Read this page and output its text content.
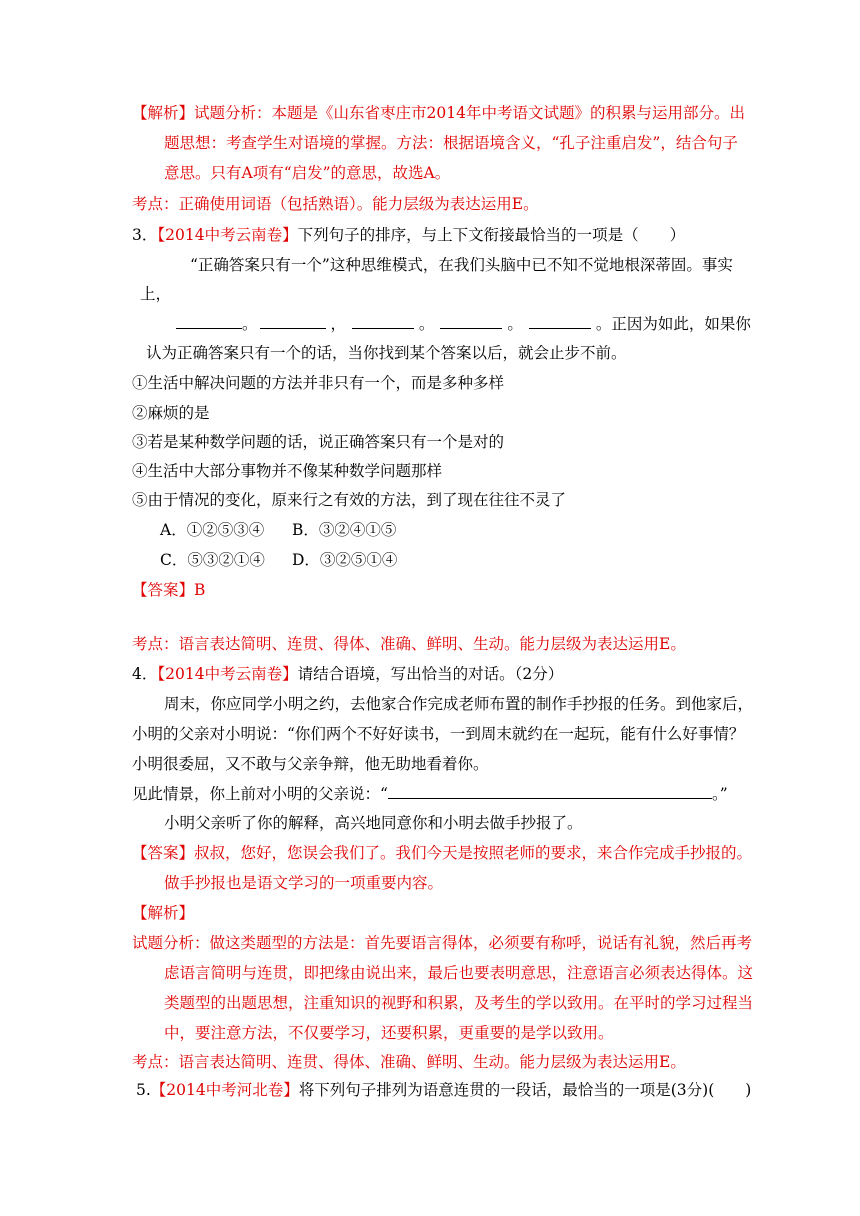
【解析】试题分析：本题是《山东省枣庄市2014年中考语文试题》的积累与运用部分。出
题思想：考查学生对语境的掌握。方法：根据语境含义，“孔子注重启发”，结合句子
意思。只有A项有“启发”的意思，故选A。
考点：正确使用词语（包括熟语）。能力层级为表达运用E。
3．【2014中考云南卷】下列句子的排序，与上下文衔接最恰当的一项是（　　）
“正确答案只有一个”这种思维模式，在我们头脑中已不知不觉地根深蒂固。事实
上，
。	，	。	。	。正因为如此，如果你
认为正确答案只有一个的话，当你找到某个答案以后，就会止步不前。
①生活中解决问题的方法并非只有一个，而是多种多样
②麻烦的是
③若是某种数学问题的话，说正确答案只有一个是对的
④生活中大部分事物并不像某种数学问题那样
⑤由于情况的变化，原来行之有效的方法，到了现在往往不灵了
A．①②⑤③④ B．③②④①⑤
C．⑤③②①④ D．③②⑤①④
【答案】B
考点：语言表达简明、连贯、得体、准确、鲜明、生动。能力层级为表达运用E。
4．【2014中考云南卷】请结合语境，写出恰当的对话。（2分）
周末，你应同学小明之约，去他家合作完成老师布置的制作手抄报的任务。到他家后，
小明的父亲对小明说：“你们两个不好好读书，一到周末就约在一起玩，能有什么好事情？
小明很委屈，又不敢与父亲争辩，他无助地看着你。
见此情景，你上前对小明的父亲说：“	。”
小明父亲听了你的解释，高兴地同意你和小明去做手抄报了。
【答案】叔叔，您好，您误会我们了。我们今天是按照老师的要求，来合作完成手抄报的。
做手抄报也是语文学习的一项重要内容。
【解析】
试题分析：做这类题型的方法是：首先要语言得体，必须要有称呼，说话有礼貌，然后再考
虑语言简明与连贯，即把缘由说出来，最后也要表明意思，注意语言必须表达得体。这
类题型的出题思想，注重知识的视野和积累，及考生的学以致用。在平时的学习过程当
中，要注意方法，不仅要学习，还要积累，更重要的是学以致用。
考点：语言表达简明、连贯、得体、准确、鲜明、生动。能力层级为表达运用E。
5.【2014中考河北卷】将下列句子排列为语意连贯的一段话，最恰当的一项是(3分)(　　)
